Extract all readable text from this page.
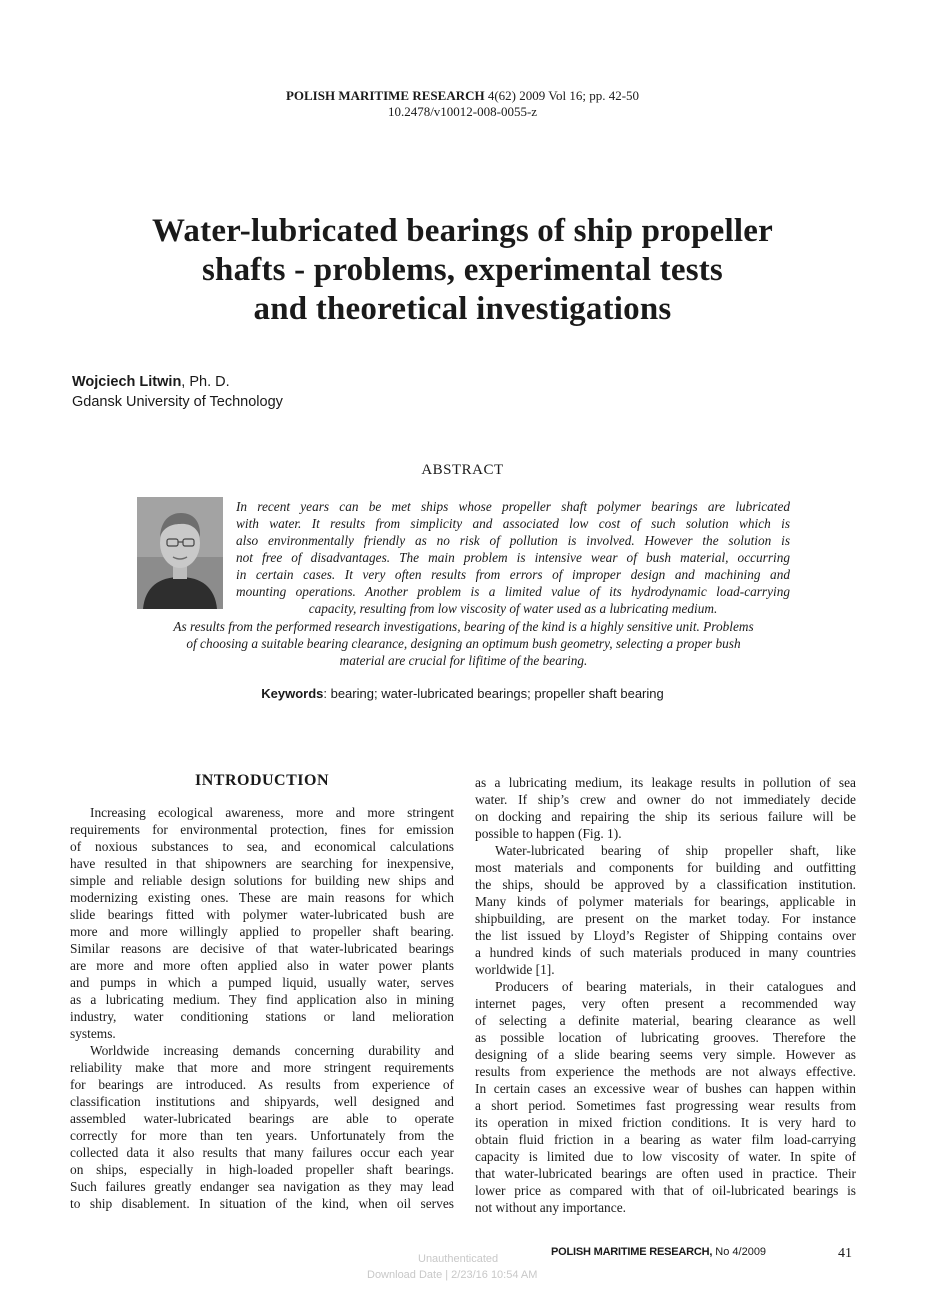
POLISH MARITIME RESEARCH 4(62) 2009 Vol 16; pp. 42-50
10.2478/v10012-008-0055-z
Water-lubricated bearings of ship propeller
shafts - problems, experimental tests
and theoretical investigations
Wojciech Litwin, Ph. D.
Gdansk University of Technology
ABSTRACT
In recent years can be met ships whose propeller shaft polymer bearings are lubricated
with water. It results from simplicity and associated low cost of such solution which is
also environmentally friendly as no risk of pollution is involved. However the solution is
not free of disadvantages. The main problem is intensive wear of bush material, occurring
in certain cases. It very often results from errors of improper design and machining and
mounting operations. Another problem is a limited value of its hydrodynamic load-carrying
capacity, resulting from low viscosity of water used as a lubricating medium.
As results from the performed research investigations, bearing of the kind is a highly sensitive unit. Problems
of choosing a suitable bearing clearance, designing an optimum bush geometry, selecting a proper bush
material are crucial for lifitime of the bearing.
Keywords: bearing; water-lubricated bearings; propeller shaft bearing
INTRODUCTION
Increasing ecological awareness, more and more stringent
requirements for environmental protection, fines for emission
of noxious substances to sea, and economical calculations
have resulted in that shipowners are searching for inexpensive,
simple and reliable design solutions for building new ships and
modernizing existing ones. These are main reasons for which
slide bearings fitted with polymer water-lubricated bush are
more and more willingly applied to propeller shaft bearing.
Similar reasons are decisive of that water-lubricated bearings
are more and more often applied also in water power plants
and pumps in which a pumped liquid, usually water, serves
as a lubricating medium. They find application also in mining
industry, water conditioning stations or land melioration
systems.
Worldwide increasing demands concerning durability and
reliability make that more and more stringent requirements
for bearings are introduced. As results from experience of
classification institutions and shipyards, well designed and
assembled water-lubricated bearings are able to operate
correctly for more than ten years. Unfortunately from the
collected data it also results that many failures occur each year
on ships, especially in high-loaded propeller shaft bearings.
Such failures greatly endanger sea navigation as they may lead
to ship disablement. In situation of the kind, when oil serves
as a lubricating medium, its leakage results in pollution of sea
water. If ship’s crew and owner do not immediately decide
on docking and repairing the ship its serious failure will be
possible to happen (Fig. 1).
Water-lubricated bearing of ship propeller shaft, like
most materials and components for building and outfitting
the ships, should be approved by a classification institution.
Many kinds of polymer materials for bearings, applicable in
shipbuilding, are present on the market today. For instance
the list issued by Lloyd’s Register of Shipping contains over
a hundred kinds of such materials produced in many countries
worldwide [1].
Producers of bearing materials, in their catalogues and
internet pages, very often present a recommended way
of selecting a definite material, bearing clearance as well
as possible location of lubricating grooves. Therefore the
designing of a slide bearing seems very simple. However as
results from experience the methods are not always effective.
In certain cases an excessive wear of bushes can happen within
a short period. Sometimes fast progressing wear results from
its operation in mixed friction conditions. It is very hard to
obtain fluid friction in a bearing as water film load-carrying
capacity is limited due to low viscosity of water. In spite of
that water-lubricated bearings are often used in practice. Their
lower price as compared with that of oil-lubricated bearings is
not without any importance.
Unauthenticated
Download Date | 2/23/16 10:54 AM
POLISH MARITIME RESEARCH, No 4/2009	41
